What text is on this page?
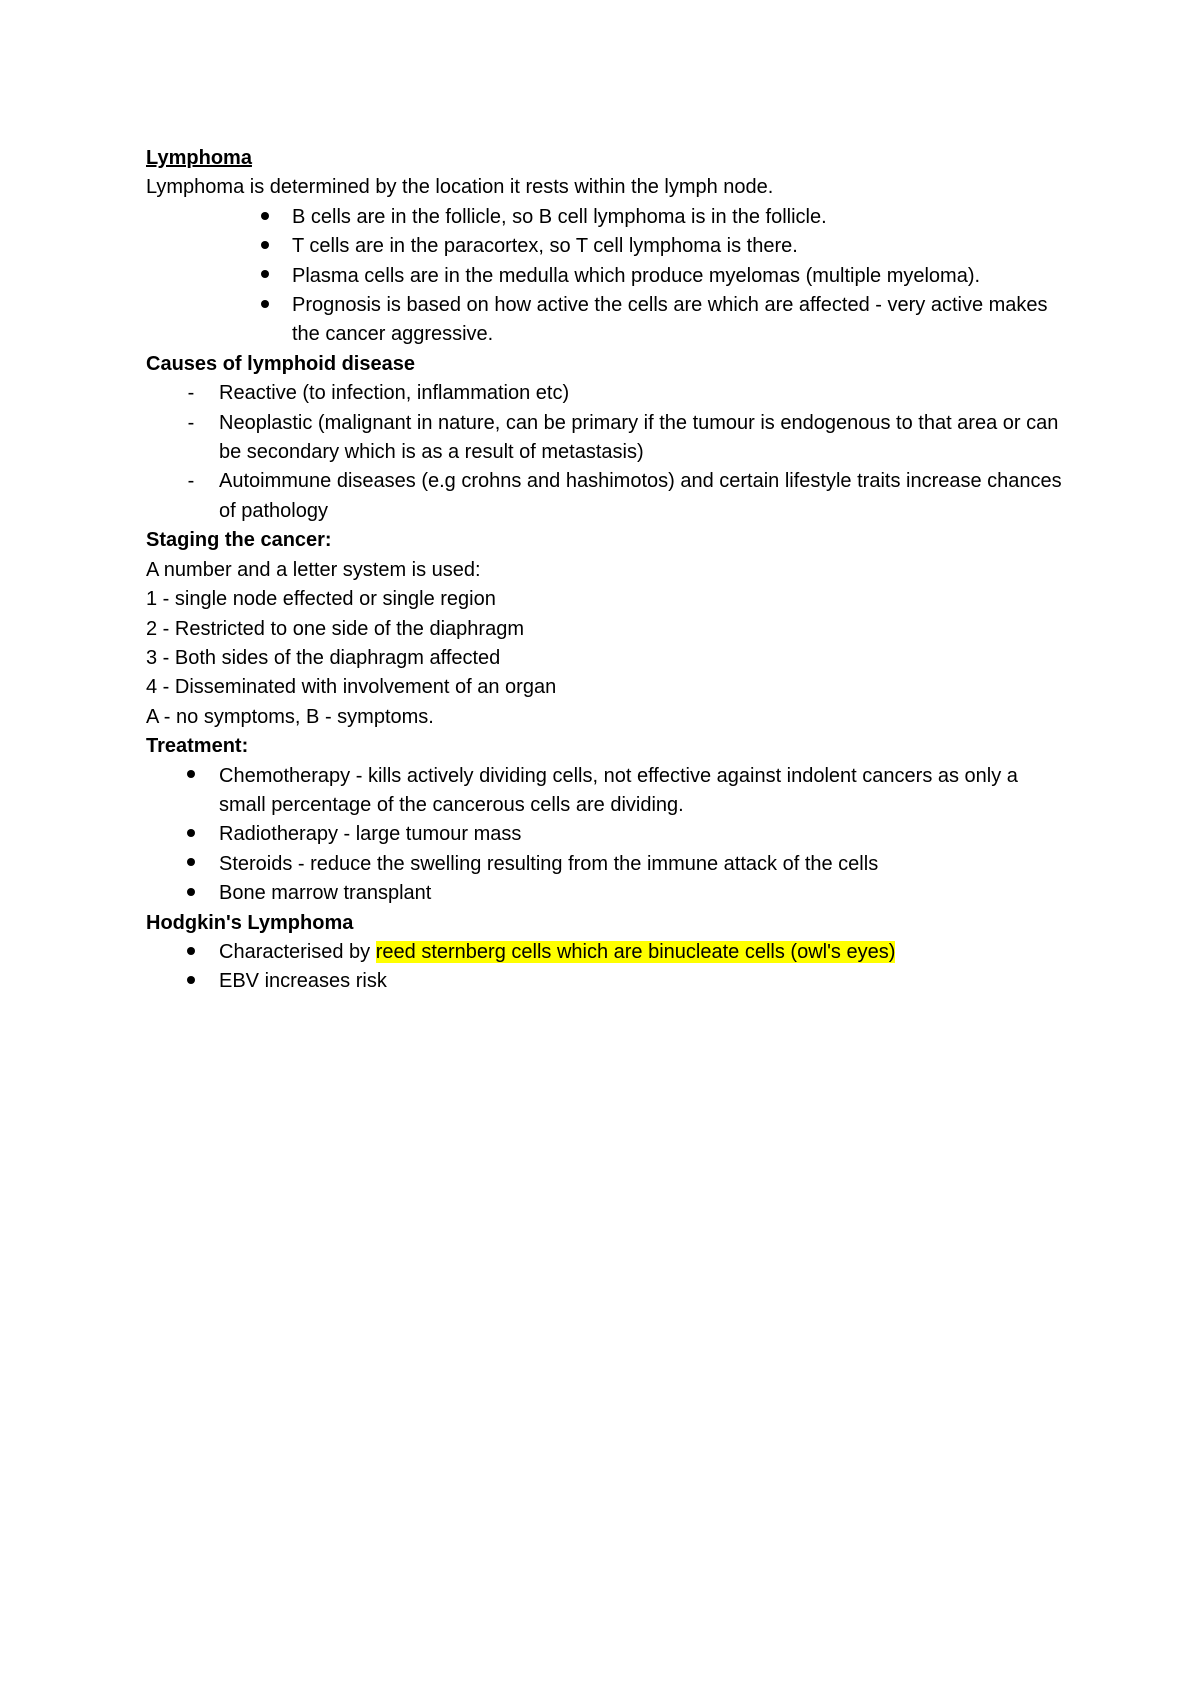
Lymphoma

Lymphoma is determined by the location it rests within the lymph node.

B cells are in the follicle, so B cell lymphoma is in the follicle.
T cells are in the paracortex, so T cell lymphoma is there.
Plasma cells are in the medulla which produce myelomas (multiple myeloma).
Prognosis is based on how active the cells are which are affected - very active makes the cancer aggressive.

Causes of lymphoid disease

- Reactive (to infection, inflammation etc)
- Neoplastic (malignant in nature, can be primary if the tumour is endogenous to that area or can be secondary which is as a result of metastasis)
- Autoimmune diseases (e.g crohns and hashimotos) and certain lifestyle traits increase chances of pathology

Staging the cancer:

A number and a letter system is used:

1 - single node effected or single region

2 - Restricted to one side of the diaphragm

3 - Both sides of the diaphragm affected

4 - Disseminated with involvement of an organ

A - no symptoms, B - symptoms.

Treatment:

Chemotherapy - kills actively dividing cells, not effective against indolent cancers as only a small percentage of the cancerous cells are dividing.
Radiotherapy - large tumour mass
Steroids - reduce the swelling resulting from the immune attack of the cells
Bone marrow transplant

Hodgkin's Lymphoma

Characterised by reed sternberg cells which are binucleate cells (owl's eyes)
EBV increases risk
